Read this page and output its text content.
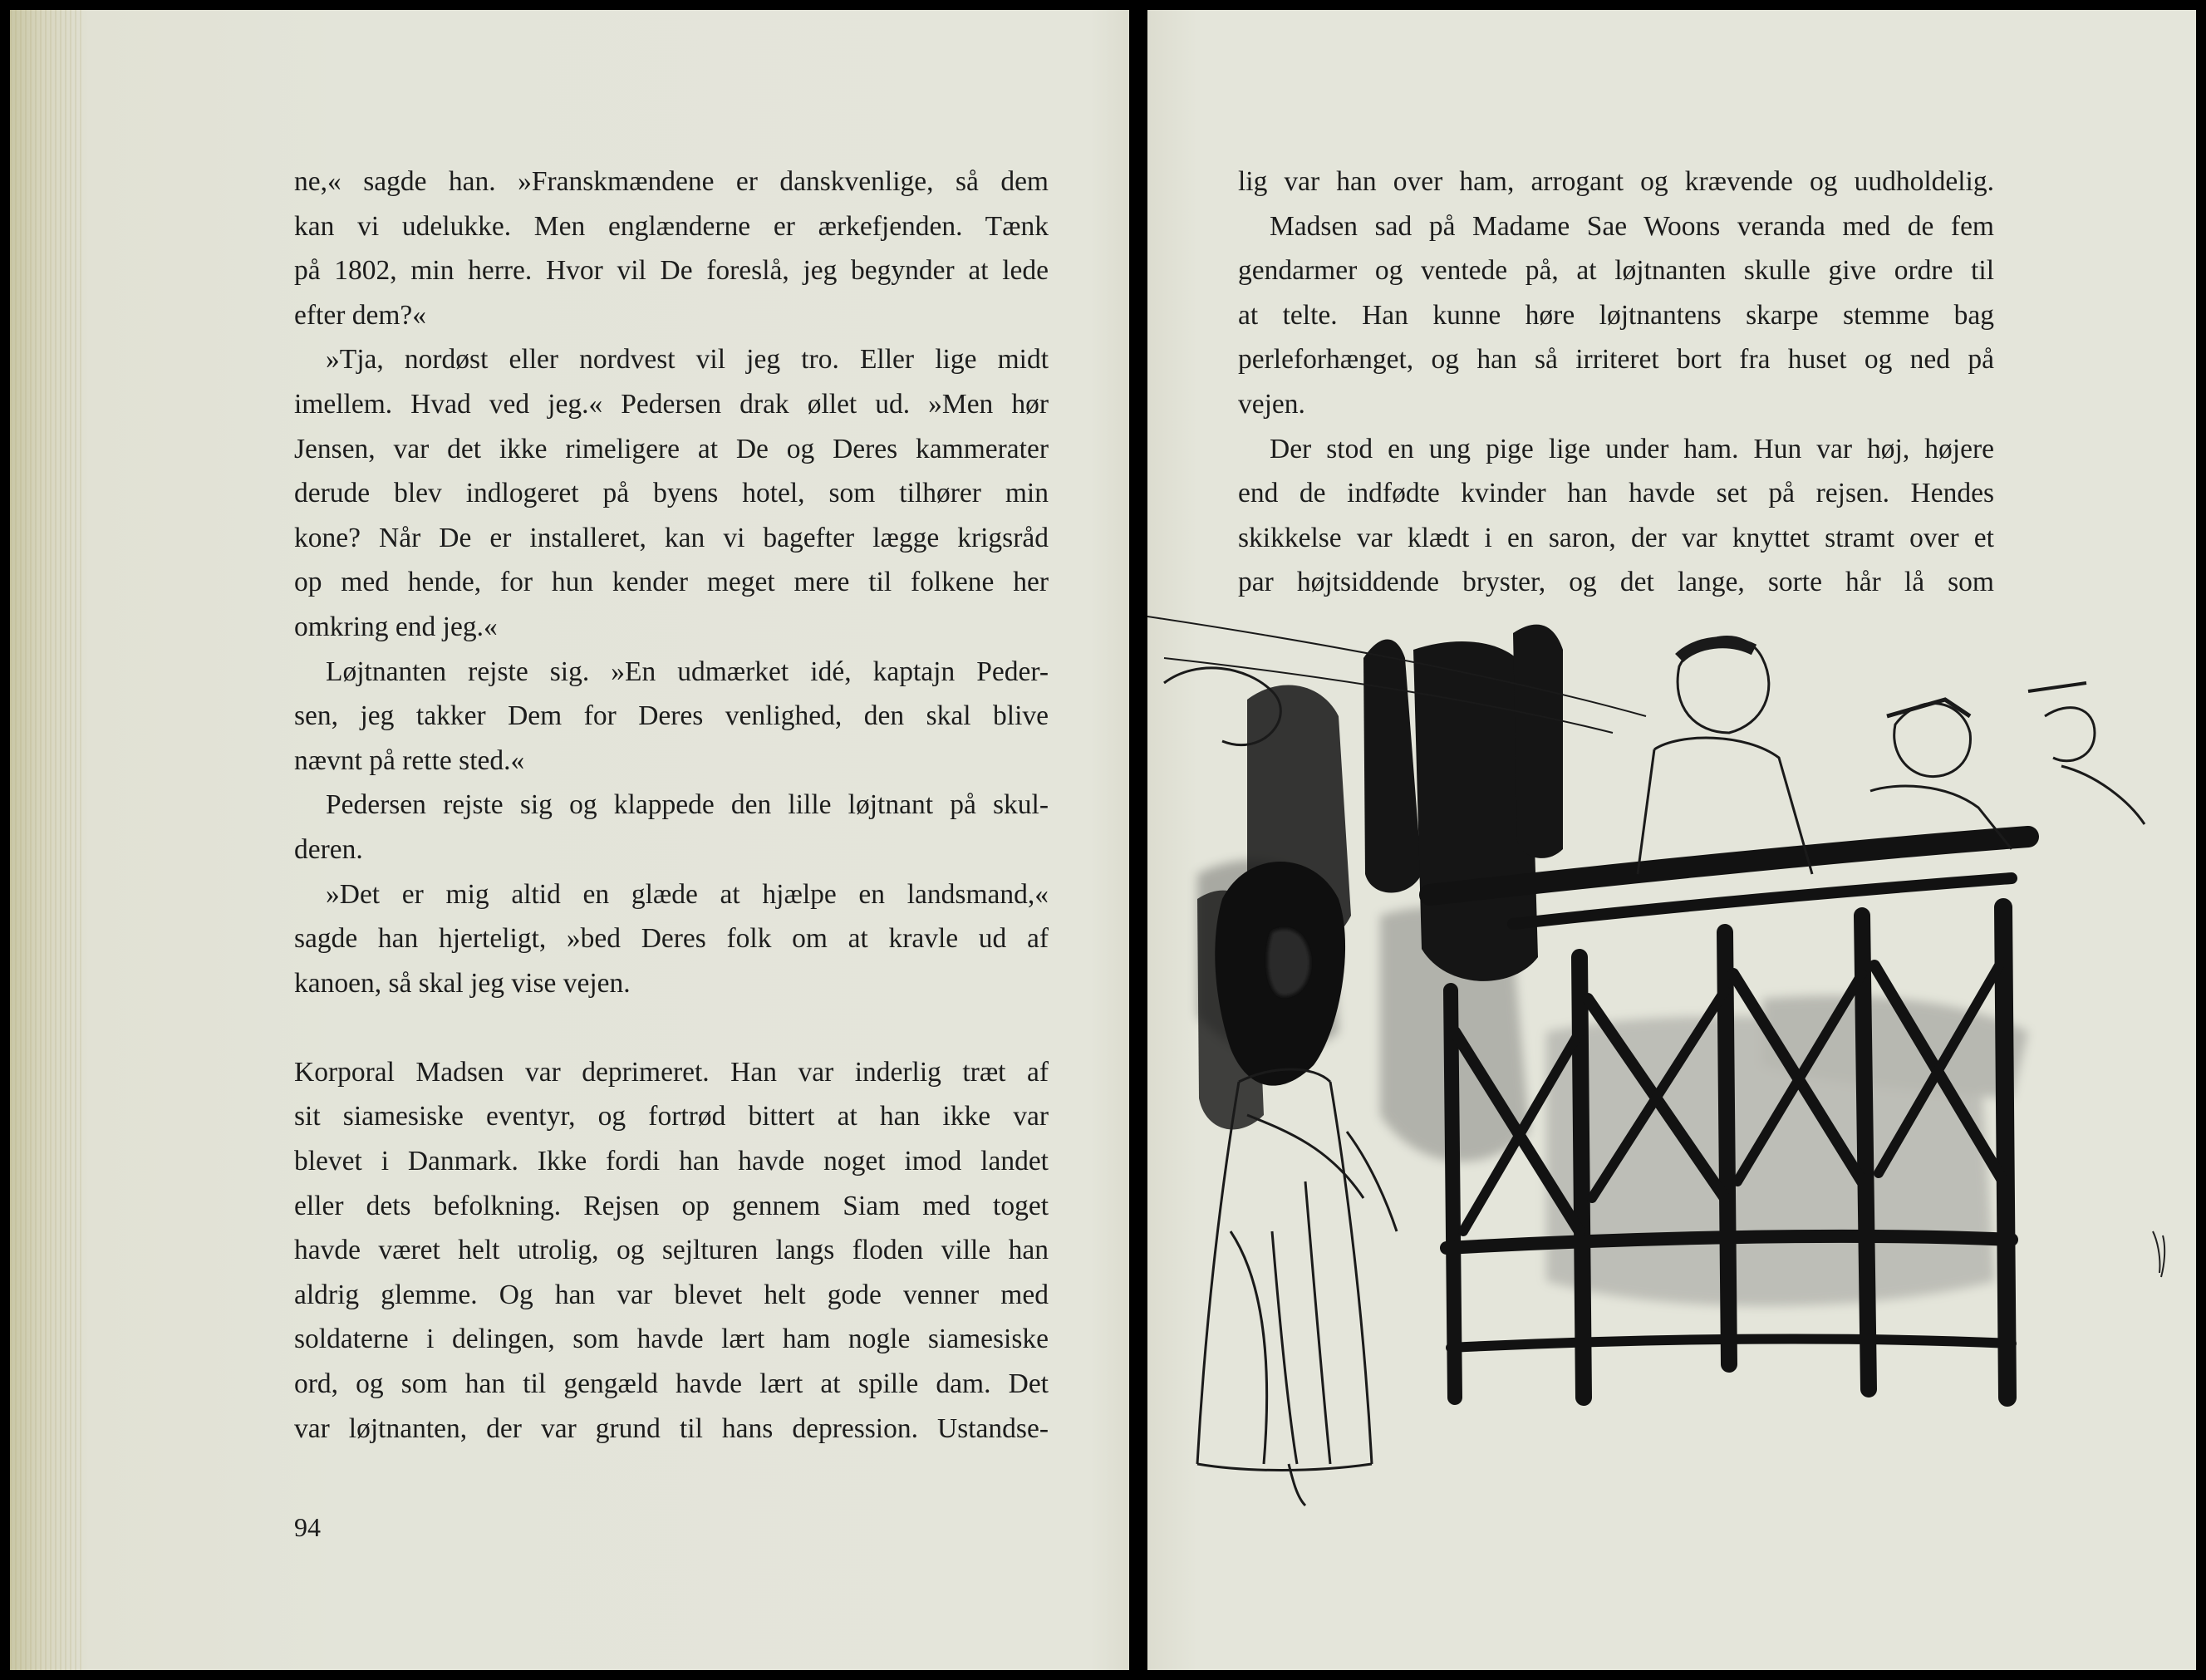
ne,« sagde han. »Franskmændene er danskvenlige, så dem
kan vi udelukke. Men englænderne er ærkefjenden. Tænk
på 1802, min herre. Hvor vil De foreslå, jeg begynder at lede
efter dem?«
»Tja, nordøst eller nordvest vil jeg tro. Eller lige midt
imellem. Hvad ved jeg.« Pedersen drak øllet ud. »Men hør
Jensen, var det ikke rimeligere at De og Deres kammerater
derude blev indlogeret på byens hotel, som tilhører min
kone? Når De er installeret, kan vi bagefter lægge krigsråd
op med hende, for hun kender meget mere til folkene her
omkring end jeg.«
Løjtnanten rejste sig. »En udmærket idé, kaptajn Peder-
sen, jeg takker Dem for Deres venlighed, den skal blive
nævnt på rette sted.«
Pedersen rejste sig og klappede den lille løjtnant på skul-
deren.
»Det er mig altid en glæde at hjælpe en landsmand,«
sagde han hjerteligt, »bed Deres folk om at kravle ud af
kanoen, så skal jeg vise vejen.
Korporal Madsen var deprimeret. Han var inderlig træt af
sit siamesiske eventyr, og fortrød bittert at han ikke var
blevet i Danmark. Ikke fordi han havde noget imod landet
eller dets befolkning. Rejsen op gennem Siam med toget
havde været helt utrolig, og sejlturen langs floden ville han
aldrig glemme. Og han var blevet helt gode venner med
soldaterne i delingen, som havde lært ham nogle siamesiske
ord, og som han til gengæld havde lært at spille dam. Det
var løjtnanten, der var grund til hans depression. Ustandse-
94
lig var han over ham, arrogant og krævende og uudholdelig.
Madsen sad på Madame Sae Woons veranda med de fem
gendarmer og ventede på, at løjtnanten skulle give ordre til
at telte. Han kunne høre løjtnantens skarpe stemme bag
perleforhænget, og han så irriteret bort fra huset og ned på
vejen.
Der stod en ung pige lige under ham. Hun var høj, højere
end de indfødte kvinder han havde set på rejsen. Hendes
skikkelse var klædt i en saron, der var knyttet stramt over et
par højtsiddende bryster, og det lange, sorte hår lå som
